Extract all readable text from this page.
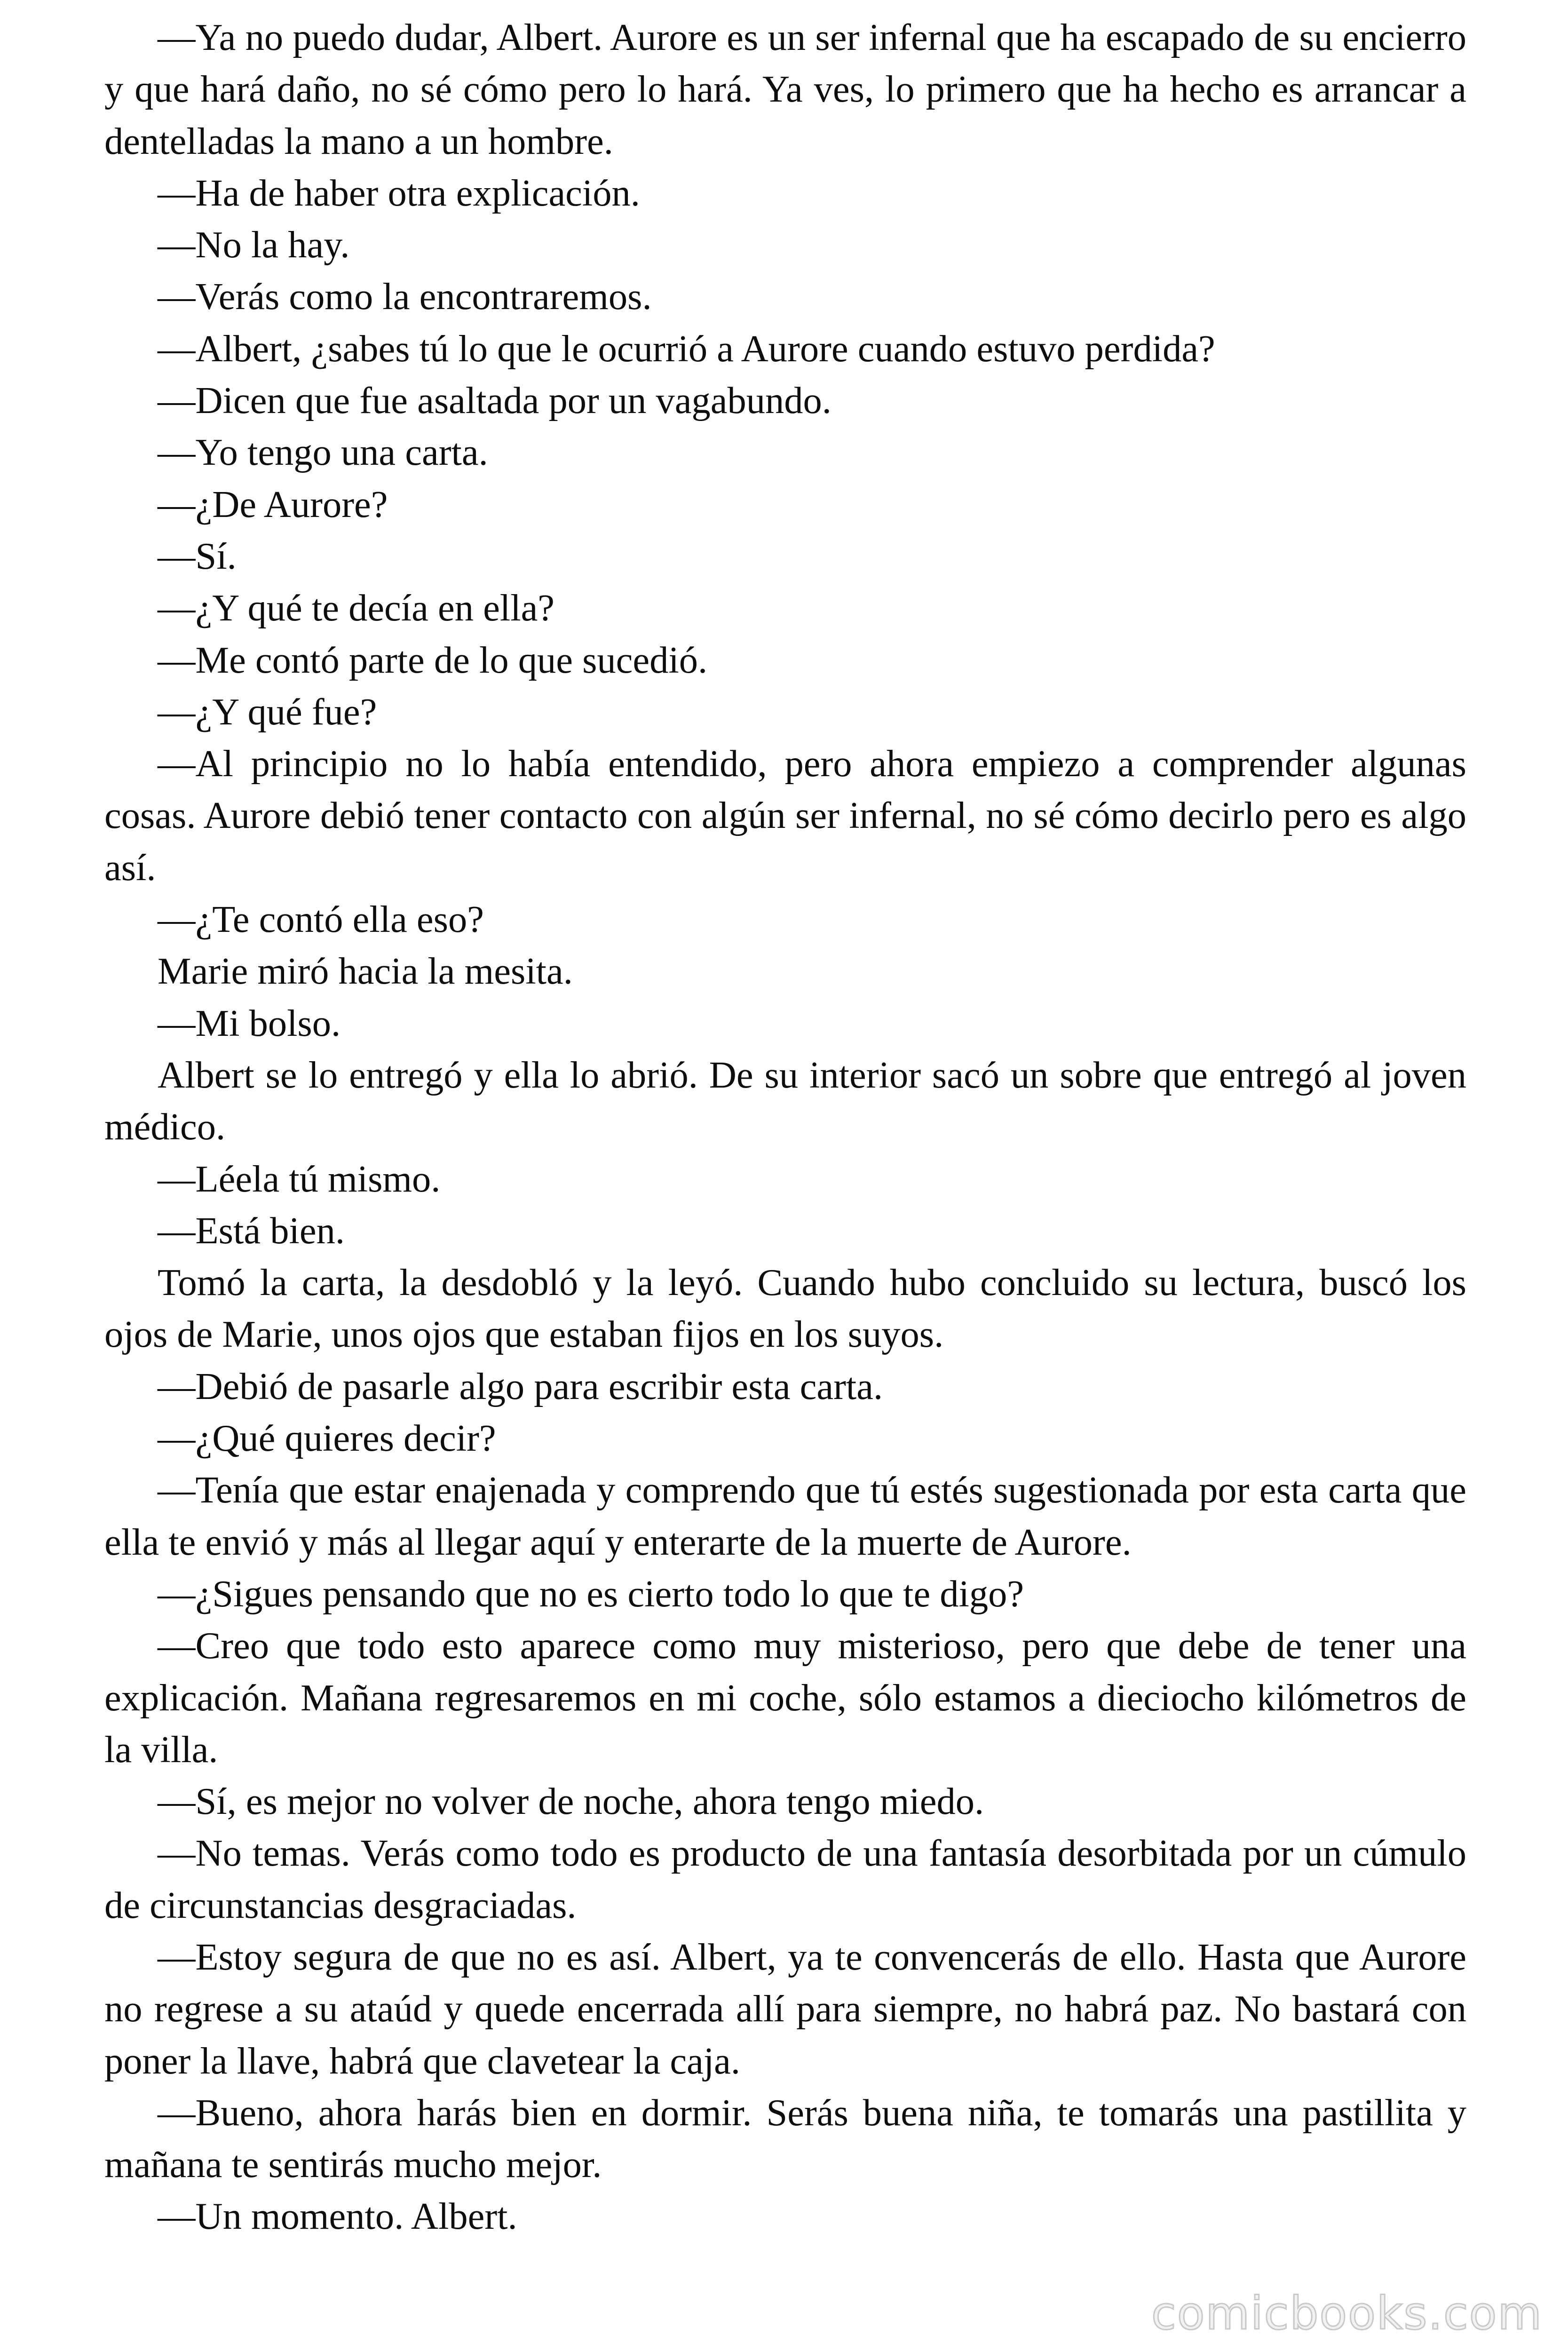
—Ya no puedo dudar, Albert. Aurore es un ser infernal que ha escapado de su encierro y que hará daño, no sé cómo pero lo hará. Ya ves, lo primero que ha hecho es arrancar a dentelladas la mano a un hombre.

—Ha de haber otra explicación.

—No la hay.

—Verás como la encontraremos.

—Albert, ¿sabes tú lo que le ocurrió a Aurore cuando estuvo perdida?

—Dicen que fue asaltada por un vagabundo.

—Yo tengo una carta.

—¿De Aurore?

—Sí.

—¿Y qué te decía en ella?

—Me contó parte de lo que sucedió.

—¿Y qué fue?

—Al principio no lo había entendido, pero ahora empiezo a comprender algunas cosas. Aurore debió tener contacto con algún ser infernal, no sé cómo decirlo pero es algo así.

—¿Te contó ella eso?

Marie miró hacia la mesita.

—Mi bolso.

Albert se lo entregó y ella lo abrió. De su interior sacó un sobre que entregó al joven médico.

—Léela tú mismo.

—Está bien.

Tomó la carta, la desdobló y la leyó. Cuando hubo concluido su lectura, buscó los ojos de Marie, unos ojos que estaban fijos en los suyos.

—Debió de pasarle algo para escribir esta carta.

—¿Qué quieres decir?

—Tenía que estar enajenada y comprendo que tú estés sugestionada por esta carta que ella te envió y más al llegar aquí y enterarte de la muerte de Aurore.

—¿Sigues pensando que no es cierto todo lo que te digo?

—Creo que todo esto aparece como muy misterioso, pero que debe de tener una explicación. Mañana regresaremos en mi coche, sólo estamos a dieciocho kilómetros de la villa.

—Sí, es mejor no volver de noche, ahora tengo miedo.

—No temas. Verás como todo es producto de una fantasía desorbitada por un cúmulo de circunstancias desgraciadas.

—Estoy segura de que no es así. Albert, ya te convencerás de ello. Hasta que Aurore no regrese a su ataúd y quede encerrada allí para siempre, no habrá paz. No bastará con poner la llave, habrá que clavetear la caja.

—Bueno, ahora harás bien en dormir. Serás buena niña, te tomarás una pastillita y mañana te sentirás mucho mejor.

—Un momento. Albert.

comicbooks.com
